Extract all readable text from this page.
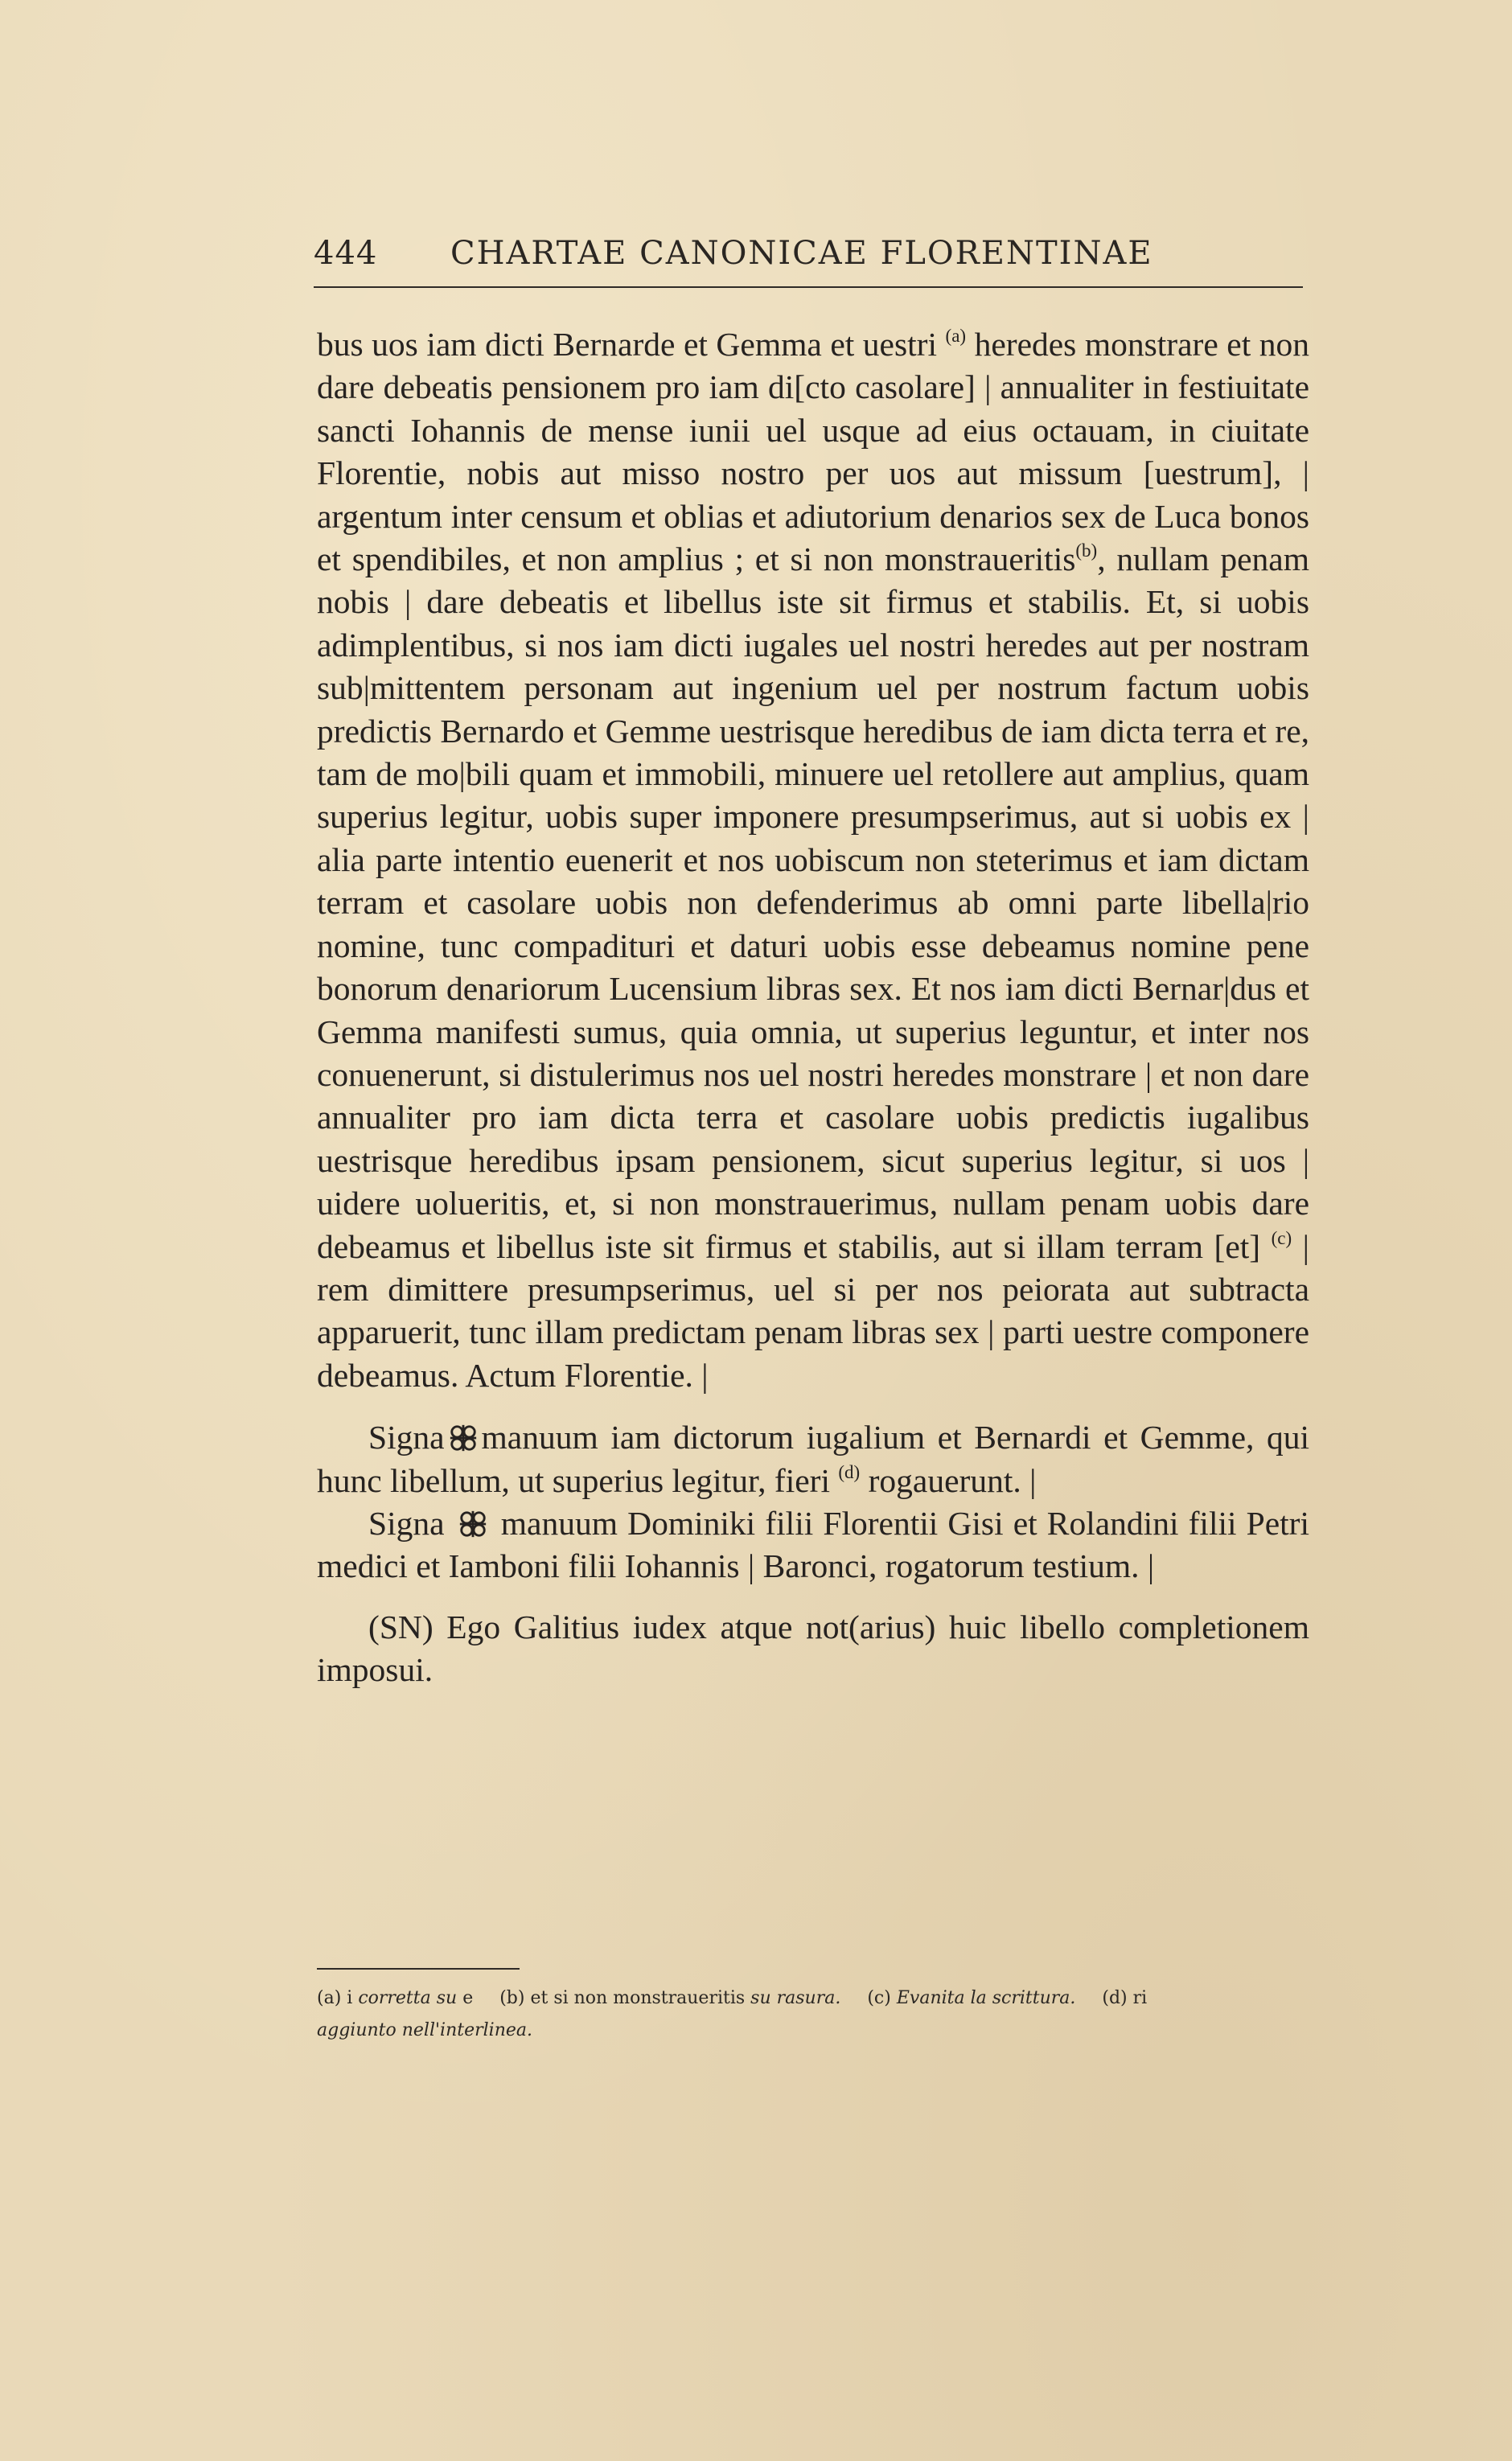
444 CHARTAE CANONICAE FLORENTINAE

bus uos iam dicti Bernarde et Gemma et uestri $^{(a)}$ heredes monstrare et non dare debeatis pensionem pro iam di[cto casolare] | annualiter in festiuitate sancti Iohannis de mense iunii uel usque ad eius octauam, in ciuitate Florentie, nobis aut misso nostro per uos aut missum [uestrum], | argentum inter censum et oblias et adiutorium denarios sex de Luca bonos et spendibiles, et non amplius ; et si non monstraueritis$^{(b)}$, nullam penam nobis | dare debeatis et libellus iste sit firmus et stabilis. Et, si uobis adimplentibus, si nos iam dicti iugales uel nostri heredes aut per nostram sub|mittentem personam aut ingenium uel per nostrum factum uobis predictis Bernardo et Gemme uestrisque heredibus de iam dicta terra et re, tam de mo|bili quam et immobili, minuere uel retollere aut amplius, quam superius legitur, uobis super imponere presumpserimus, aut si uobis ex | alia parte intentio euenerit et nos uobiscum non steterimus et iam dictam terram et casolare uobis non defenderimus ab omni parte libella|rio nomine, tunc compadituri et daturi uobis esse debeamus nomine pene bonorum denariorum Lucensium libras sex. Et nos iam dicti Bernar|dus et Gemma manifesti sumus, quia omnia, ut superius leguntur, et inter nos conuenerunt, si distulerimus nos uel nostri heredes monstrare | et non dare annualiter pro iam dicta terra et casolare uobis predictis iugalibus uestrisque heredibus ipsam pensionem, sicut superius legitur, si uos | uidere uolueritis, et, si non monstrauerimus, nullam penam uobis dare debeamus et libellus iste sit firmus et stabilis, aut si illam terram [et] $^{(c)}$ | rem dimittere presumpserimus, uel si per nos peiorata aut subtracta apparuerit, tunc illam predictam penam libras sex | parti uestre componere debeamus. Actum Florentie. |

Signa manuum iam dictorum iugalium et Bernardi et Gemme, qui hunc libellum, ut superius legitur, fieri $^{(d)}$ rogauerunt. |

Signa manuum Dominiki filii Florentii Gisi et Rolandini filii Petri medici et Iamboni filii Iohannis | Baronci, rogatorum testium. |

(SN) Ego Galitius iudex atque not(arius) huic libello completionem imposui.

(a) i corretta su e (b) et si non monstraueritis su rasura. (c) Evanita la scrittura. (d) ri
aggiunto nell'interlinea.
